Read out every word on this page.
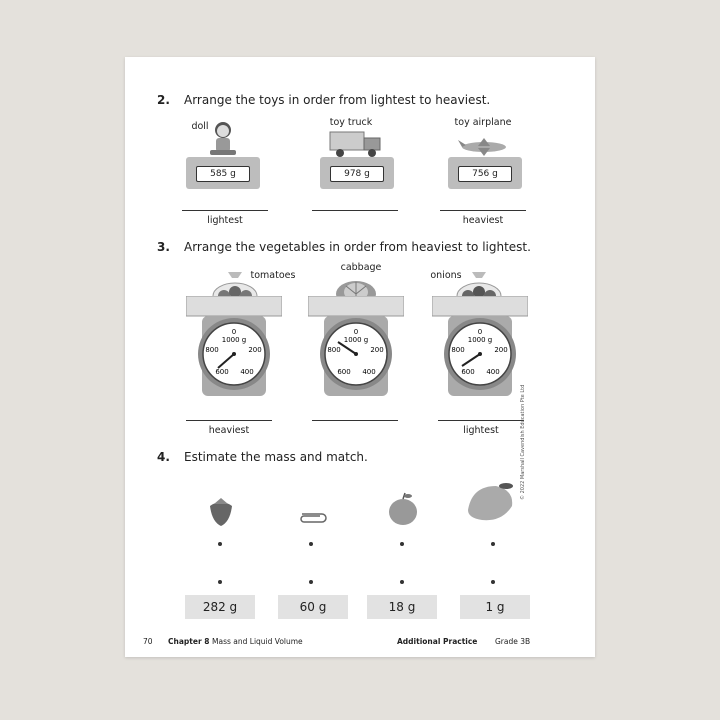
2. Arrange the toys in order from lightest to heaviest.
doll	toy truck	toy airplane
585 g	978 g	756 g
lightest	heaviest
3. Arrange the vegetables in order from heaviest to lightest.
tomatoes
cabbage
onions
0
1000 g
800	200
600 400
0
1000 g
800	200
600 400
0
1000 g
800	200
600 400
heaviest	lightest
4. Estimate the mass and match.
282 g	60 g	18 g	1 g
© 2022 Marshall Cavendish Education Pte Ltd
70 Chapter 8 Mass and Liquid Volume	Additional Practice Grade 3B
